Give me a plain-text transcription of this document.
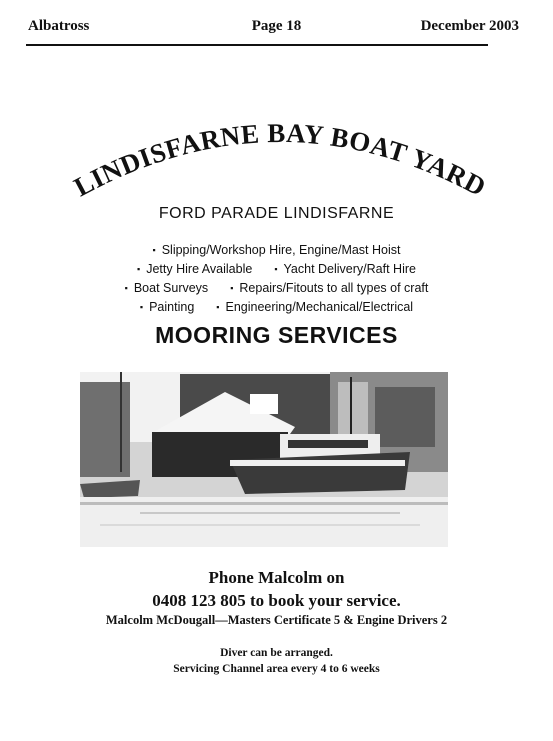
Albatross	Page 18	December 2003
LINDISFARNE BAY BOAT YARD
FORD PARADE LINDISFARNE
▪ Slipping/Workshop Hire, Engine/Mast Hoist
▪ Jetty Hire Available ▪ Yacht Delivery/Raft Hire
▪ Boat Surveys ▪ Repairs/Fitouts to all types of craft
▪ Painting ▪ Engineering/Mechanical/Electrical
MOORING SERVICES
Phone Malcolm on
0408 123 805 to book your service.
Malcolm McDougall—Masters Certificate 5 & Engine Drivers 2
Diver can be arranged.
Servicing Channel area every 4 to 6 weeks
